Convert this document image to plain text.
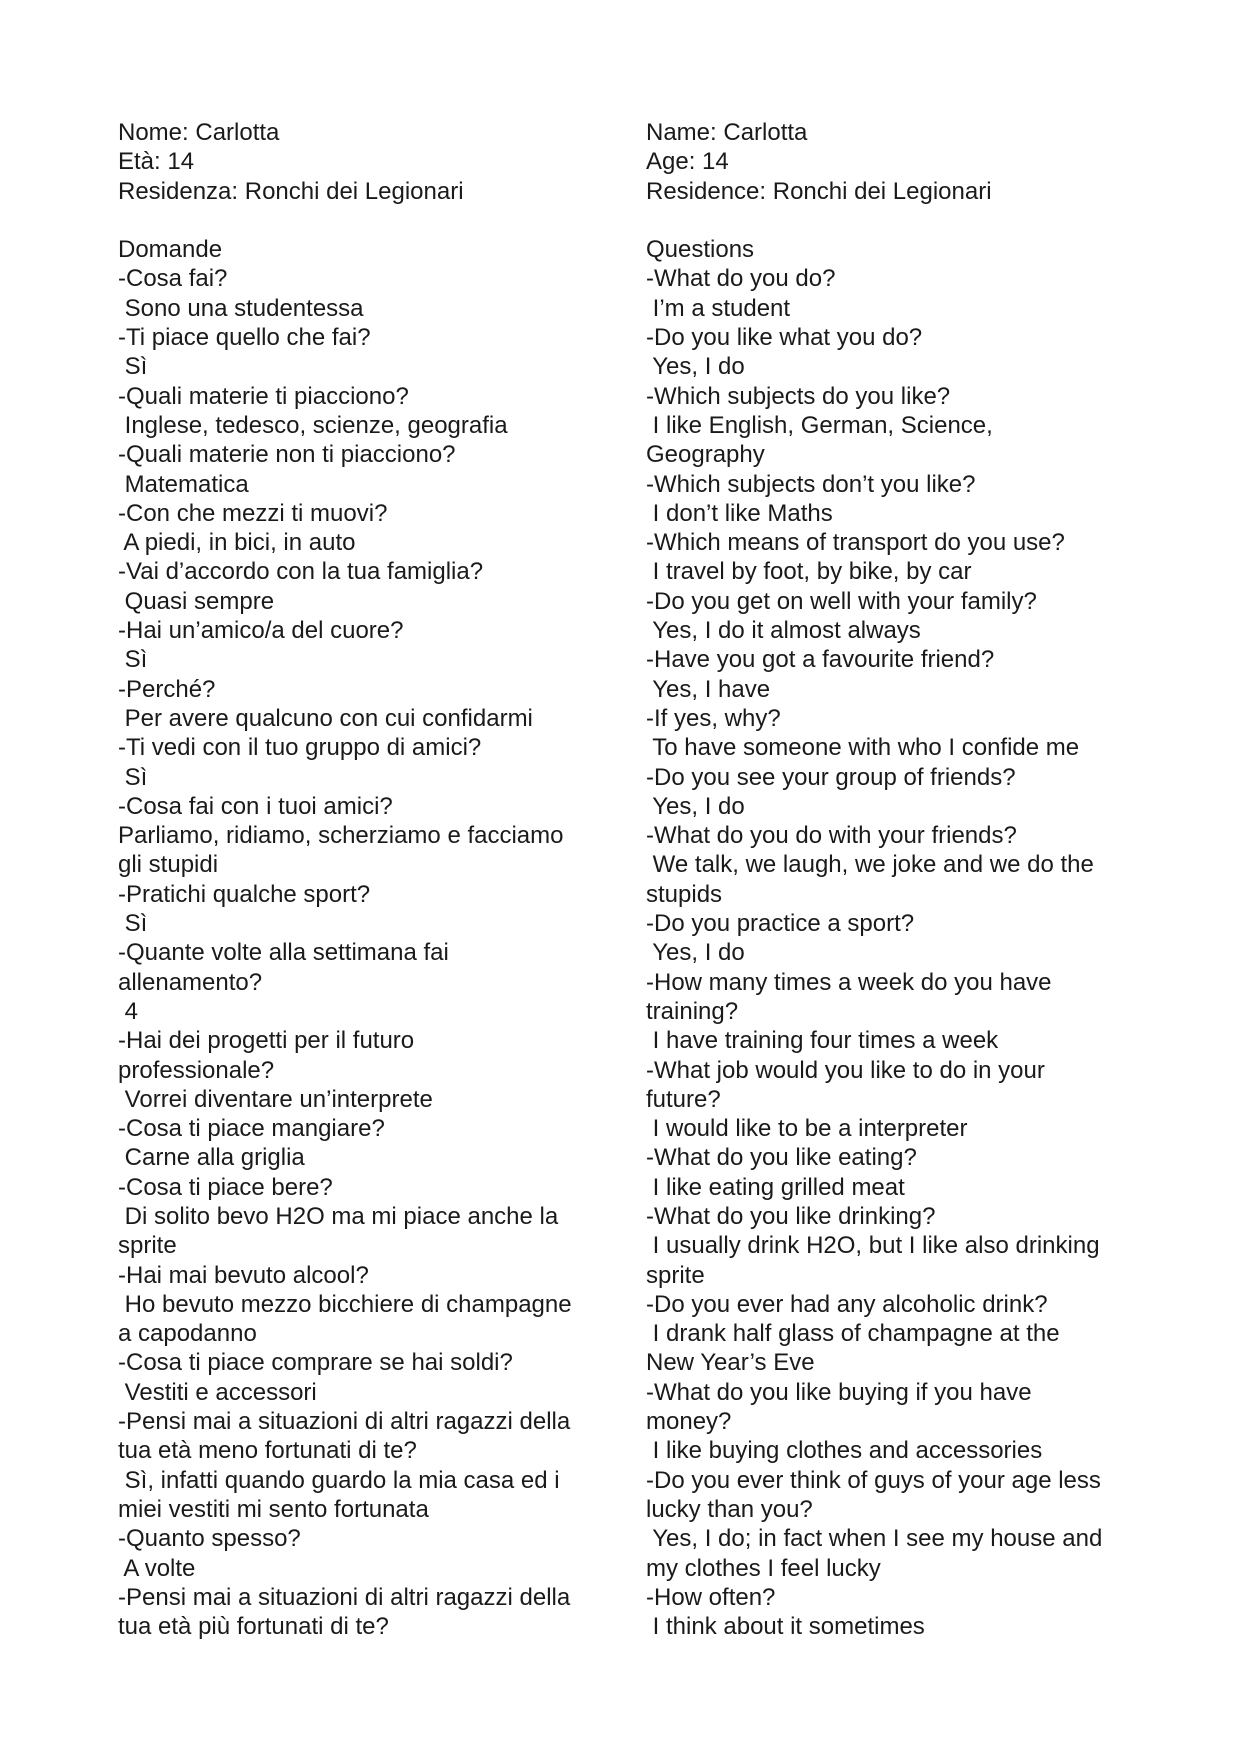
Nome: Carlotta
Età: 14
Residenza: Ronchi dei Legionari
Domande
-Cosa fai?
Sono una studentessa
-Ti piace quello che fai?
Sì
-Quali materie ti piacciono?
Inglese, tedesco, scienze, geografia
-Quali materie non ti piacciono?
Matematica
-Con che mezzi ti muovi?
A piedi, in bici, in auto
-Vai d’accordo con la tua famiglia?
Quasi sempre
-Hai un’amico/a del cuore?
Sì
-Perché?
Per avere qualcuno con cui confidarmi
-Ti vedi con il tuo gruppo di amici?
Sì
-Cosa fai con i tuoi amici?
Parliamo, ridiamo, scherziamo e facciamo
gli stupidi
-Pratichi qualche sport?
Sì
-Quante volte alla settimana fai
allenamento?
4
-Hai dei progetti per il futuro
professionale?
Vorrei diventare un’interprete
-Cosa ti piace mangiare?
Carne alla griglia
-Cosa ti piace bere?
Di solito bevo H2O ma mi piace anche la
sprite
-Hai mai bevuto alcool?
Ho bevuto mezzo bicchiere di champagne
a capodanno
-Cosa ti piace comprare se hai soldi?
Vestiti e accessori
-Pensi mai a situazioni di altri ragazzi della
tua età meno fortunati di te?
Sì, infatti quando guardo la mia casa ed i
miei vestiti mi sento fortunata
-Quanto spesso?
A volte
-Pensi mai a situazioni di altri ragazzi della
tua età più fortunati di te?
Name: Carlotta
Age: 14
Residence: Ronchi dei Legionari
Questions
-What do you do?
I’m a student
-Do you like what you do?
Yes, I do
-Which subjects do you like?
I like English, German, Science,
Geography
-Which subjects don’t you like?
I don’t like Maths
-Which means of transport do you use?
I travel by foot, by bike, by car
-Do you get on well with your family?
Yes, I do it almost always
-Have you got a favourite friend?
Yes, I have
-If yes, why?
To have someone with who I confide me
-Do you see your group of friends?
Yes, I do
-What do you do with your friends?
We talk, we laugh, we joke and we do the
stupids
-Do you practice a sport?
Yes, I do
-How many times a week do you have
training?
I have training four times a week
-What job would you like to do in your
future?
I would like to be a interpreter
-What do you like eating?
I like eating grilled meat
-What do you like drinking?
I usually drink H2O, but I like also drinking
sprite
-Do you ever had any alcoholic drink?
I drank half glass of champagne at the
New Year’s Eve
-What do you like buying if you have
money?
I like buying clothes and accessories
-Do you ever think of guys of your age less
lucky than you?
Yes, I do; in fact when I see my house and
my clothes I feel lucky
-How often?
I think about it sometimes
